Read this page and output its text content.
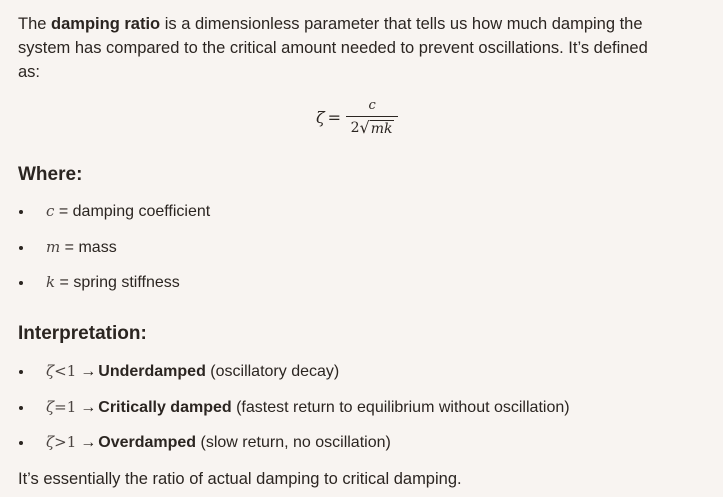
The damping ratio is a dimensionless parameter that tells us how much damping the

system has compared to the critical amount needed to prevent oscillations. It’s defined

as:

$\zeta = \frac{c}{2 √ mk}$
Where:
c = damping coefficient
m = mass
k = spring stiffness
Interpretation:
ζ<1 → Underdamped (oscillatory decay)
ζ=1 → Critically damped (fastest return to equilibrium without oscillation)
ζ>1 → Overdamped (slow return, no oscillation)
It’s essentially the ratio of actual damping to critical damping.
